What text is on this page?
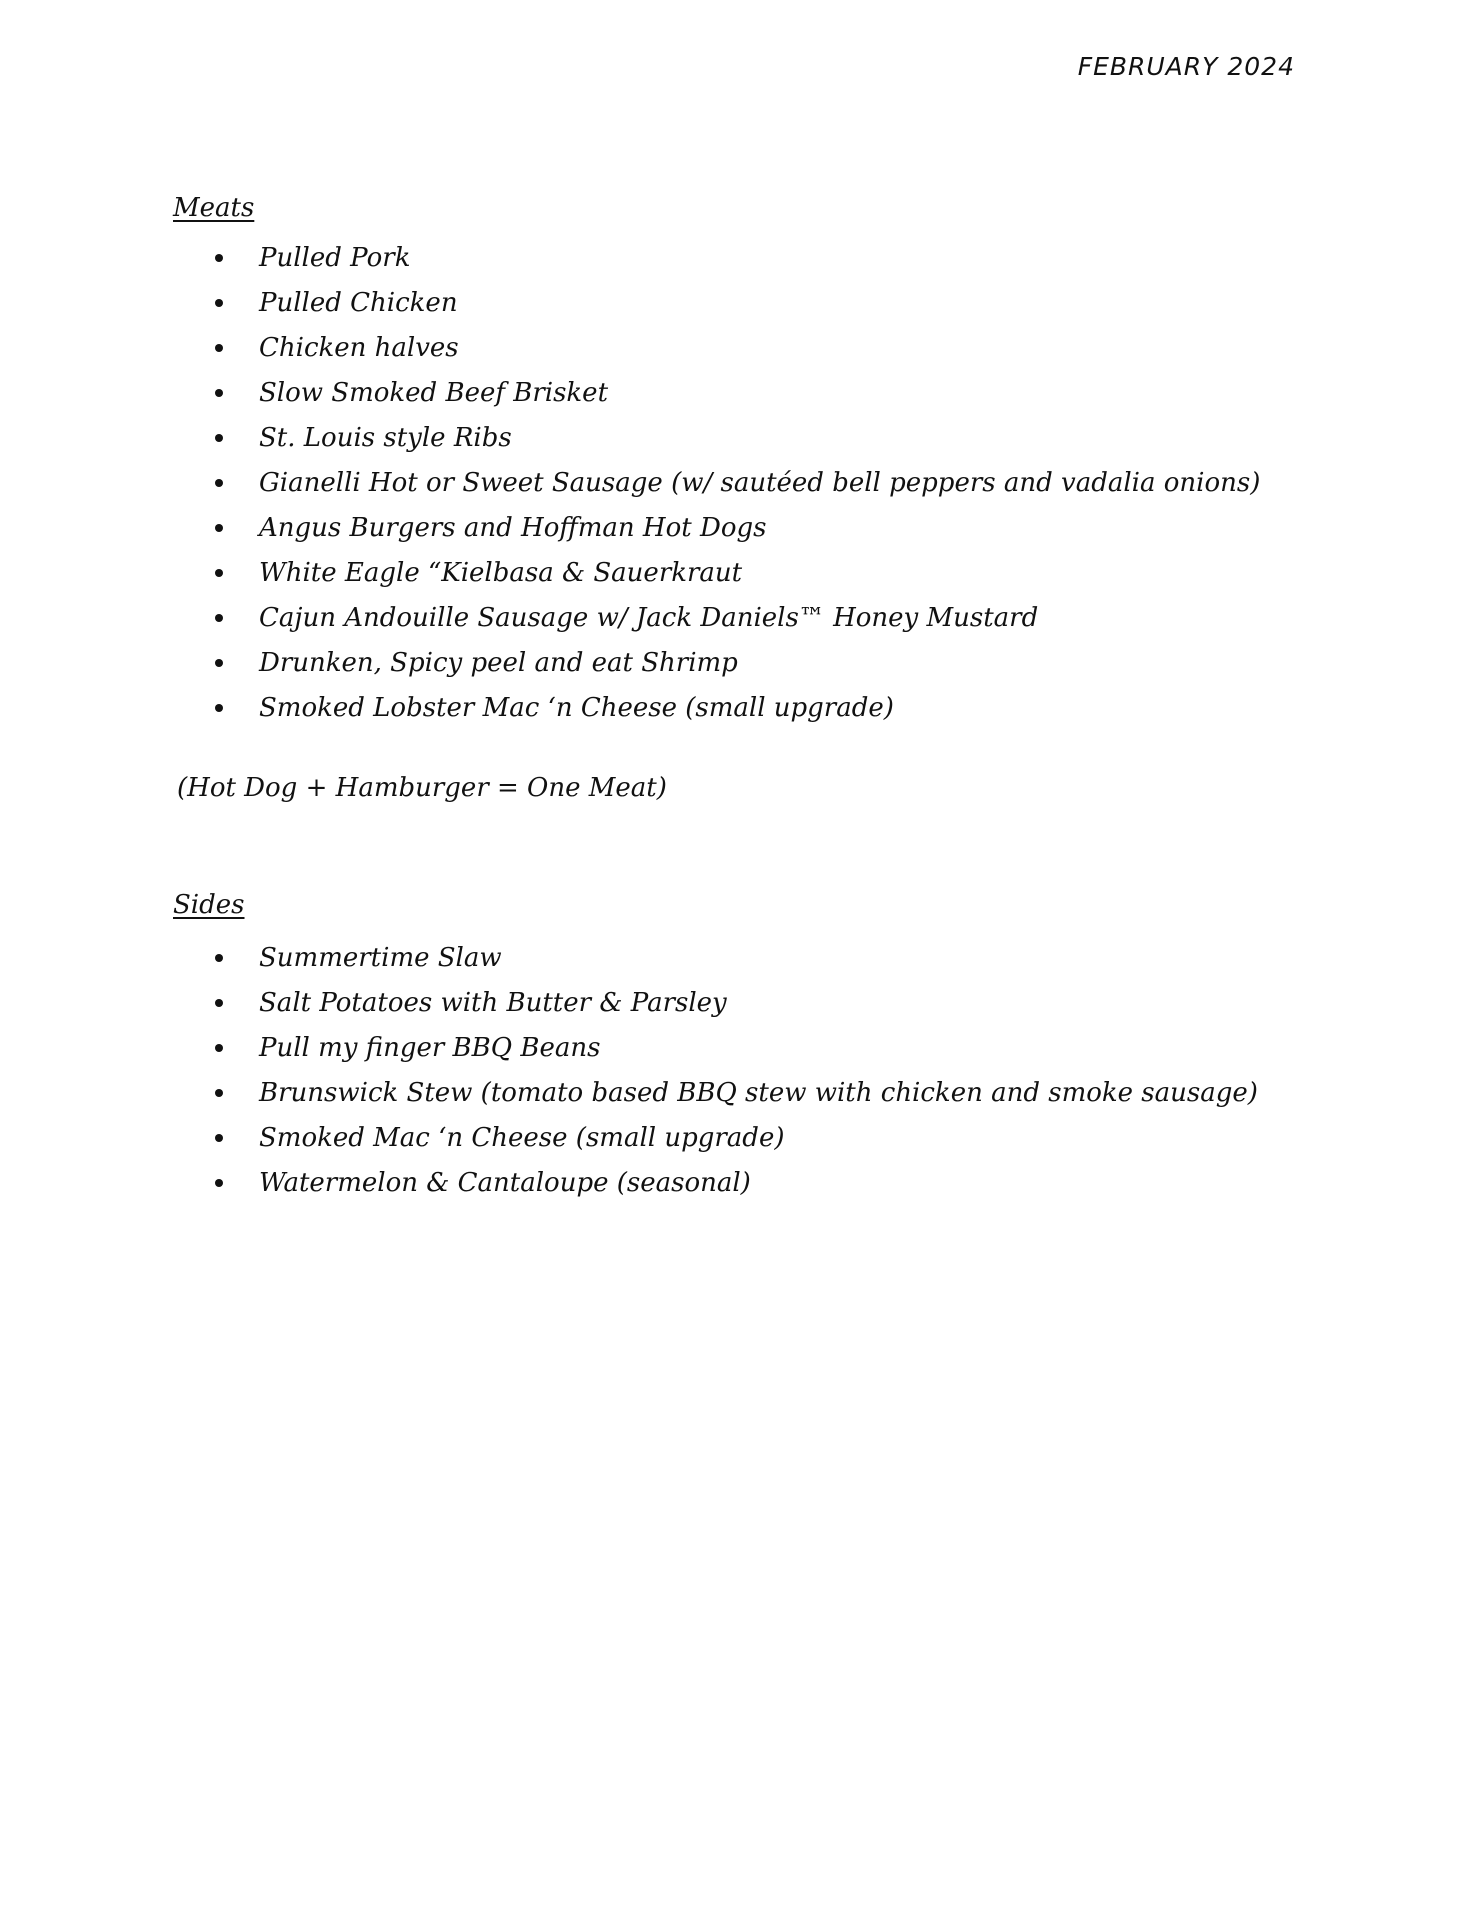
FEBRUARY 2024
Meats
Pulled Pork
Pulled Chicken
Chicken halves
Slow Smoked Beef Brisket
St. Louis style Ribs
Gianelli Hot or Sweet Sausage (w/ sautéed bell peppers and vadalia onions)
Angus Burgers and Hoffman Hot Dogs
White Eagle “Kielbasa & Sauerkraut
Cajun Andouille Sausage w/ Jack Daniels™ Honey Mustard
Drunken, Spicy peel and eat Shrimp
Smoked Lobster Mac ‘n Cheese (small upgrade)
(Hot Dog + Hamburger = One Meat)
Sides
Summertime Slaw
Salt Potatoes with Butter & Parsley
Pull my finger BBQ Beans
Brunswick Stew (tomato based BBQ stew with chicken and smoke sausage)
Smoked Mac ‘n Cheese (small upgrade)
Watermelon & Cantaloupe (seasonal)
